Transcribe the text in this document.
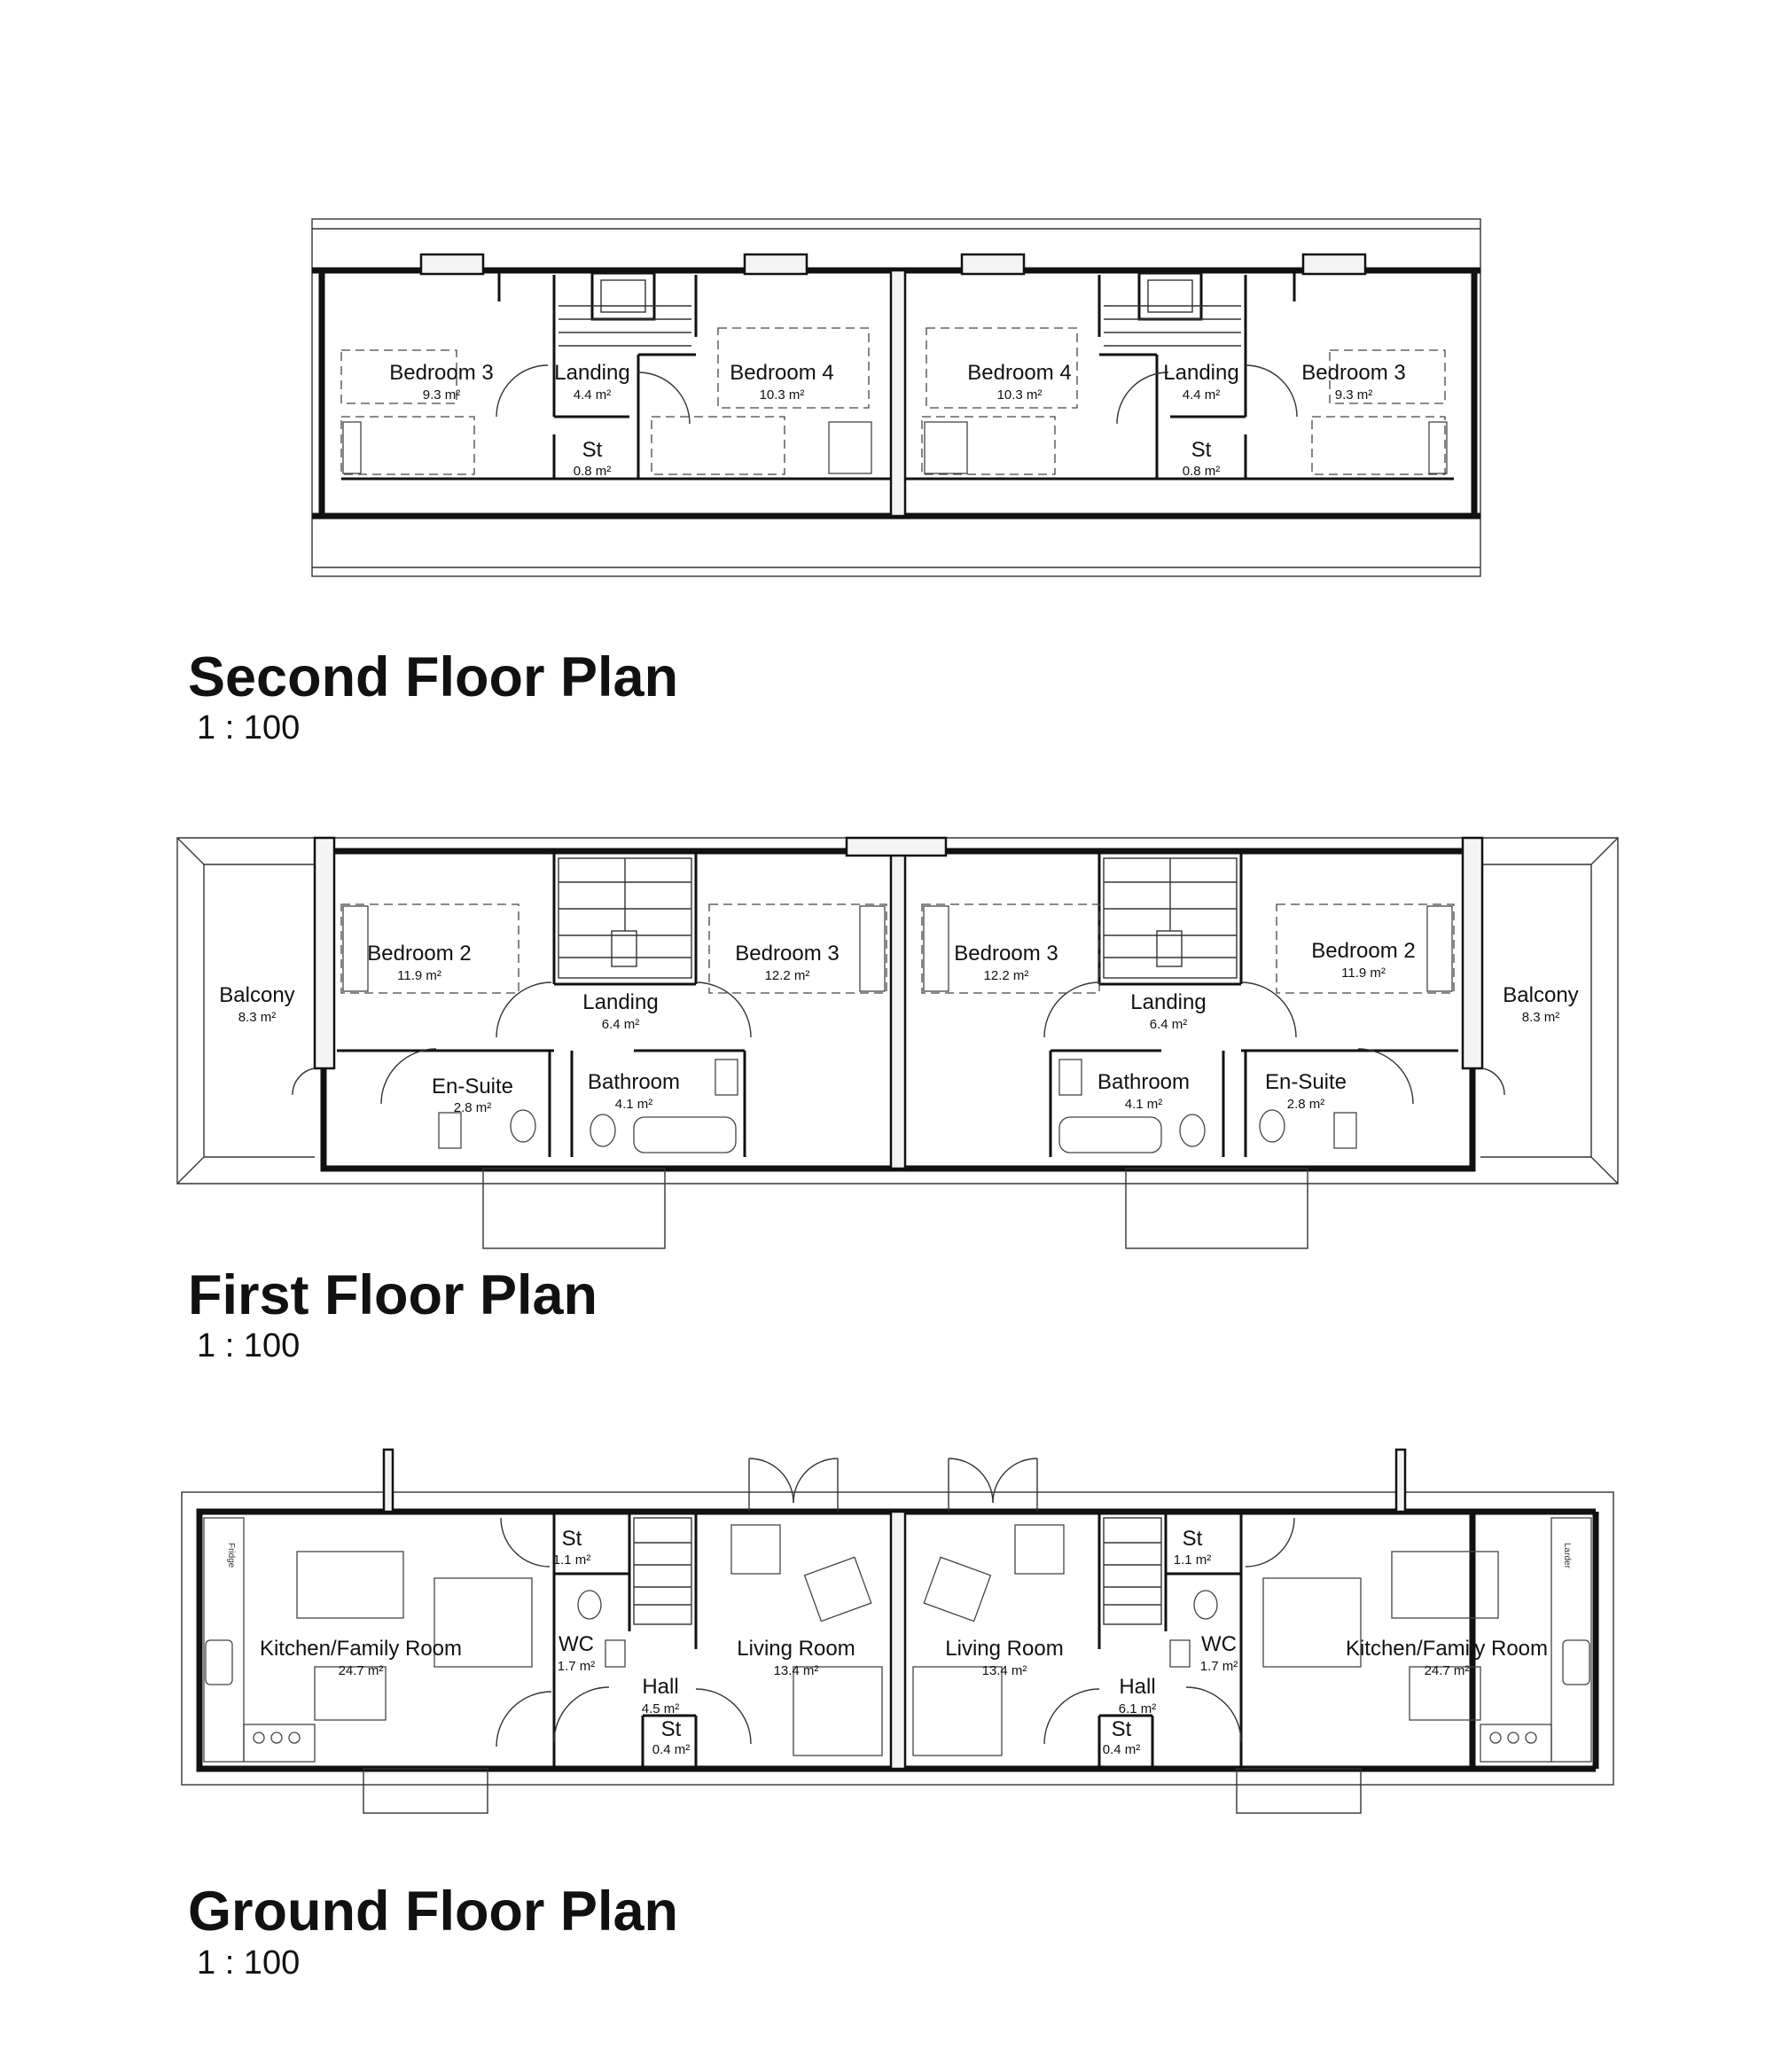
Fridge	Larder
Bedroom 3
9.3 m²
Landing
4.4 m²
Bedroom 4
10.3 m²
St
0.8 m²
Bedroom 4
10.3 m²
Landing
4.4 m²
Bedroom 3
9.3 m²
St
0.8 m²
Balcony
8.3 m²
Bedroom 2
11.9 m²
Landing
6.4 m²
Bedroom 3
12.2 m²
En-Suite
2.8 m²
Bathroom
4.1 m²
Bedroom 3
12.2 m²
Landing
6.4 m²
Bedroom 2
11.9 m²
Bathroom
4.1 m²
En-Suite
2.8 m²
Balcony
8.3 m²
Kitchen/Family Room
24.7 m²
St
1.1 m²
WC
1.7 m²
Hall
4.5 m²
Living Room
13.4 m²
St
0.4 m²
Living Room
13.4 m²
St
1.1 m²
WC
1.7 m²
Hall
6.1 m²
Kitchen/Family Room
24.7 m²
St
0.4 m²
Second Floor Plan
1 : 100
First Floor Plan
1 : 100
Ground Floor Plan
1 : 100
